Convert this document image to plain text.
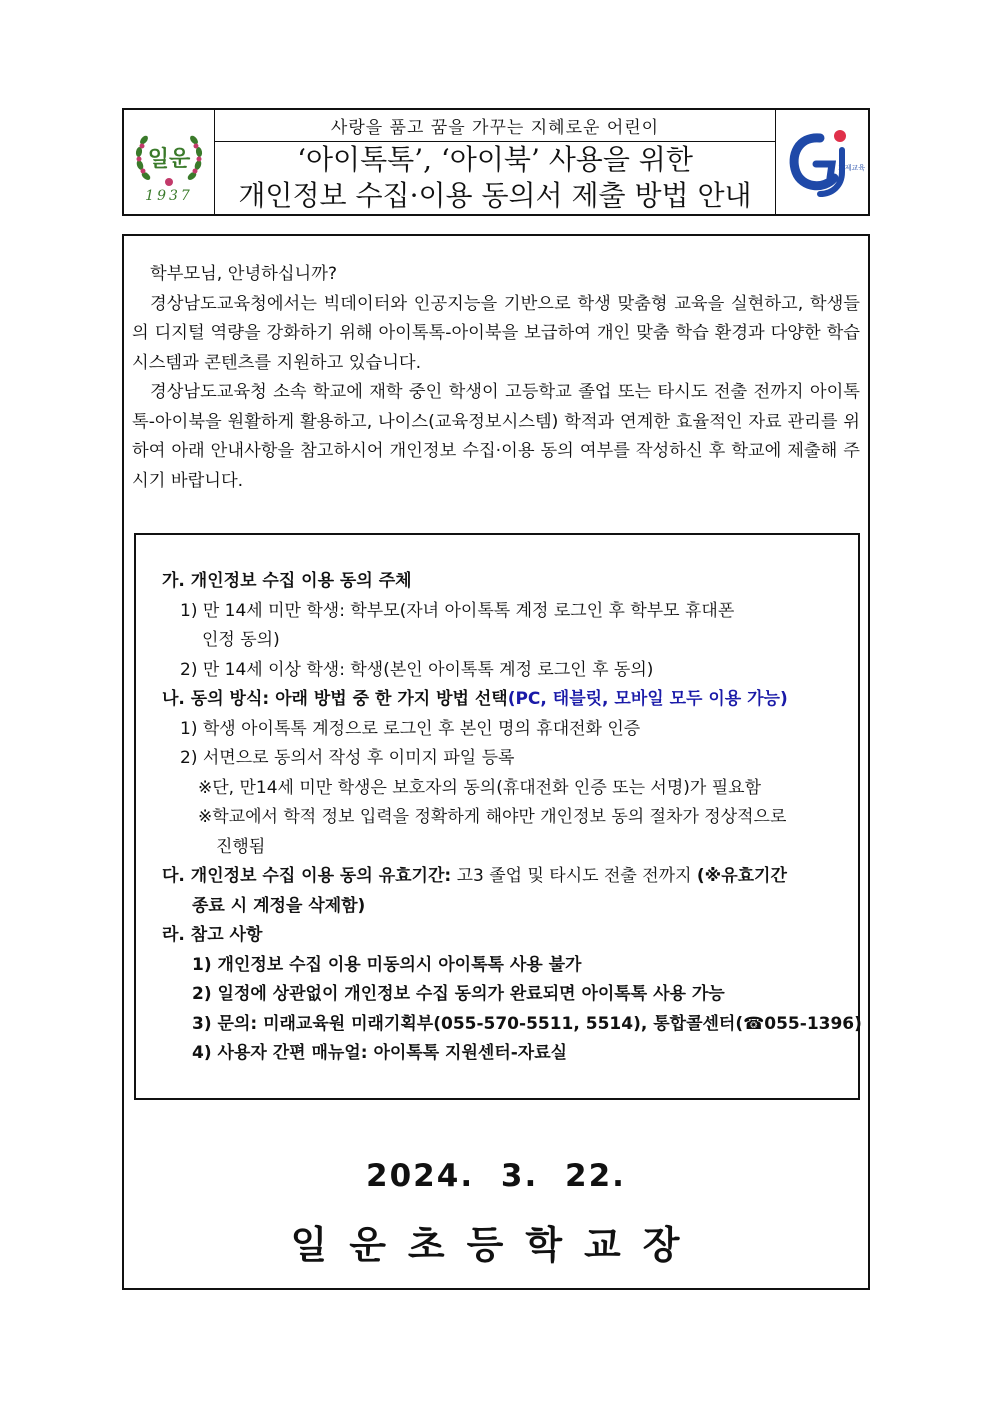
일운
1937
사랑을 품고 꿈을 가꾸는 지혜로운 어린이
‘아이톡톡’, ‘아이북’ 사용을 위한
개인정보 수집·이용 동의서 제출 방법 안내
거제교육

학부모님, 안녕하십니까?

경상남도교육청에서는 빅데이터와 인공지능을 기반으로 학생 맞춤형 교육을 실현하고, 학생들의 디지털 역량을 강화하기 위해 아이톡톡-아이북을 보급하여 개인 맞춤 학습 환경과 다양한 학습 시스템과 콘텐츠를 지원하고 있습니다.

경상남도교육청 소속 학교에 재학 중인 학생이 고등학교 졸업 또는 타시도 전출 전까지 아이톡톡-아이북을 원활하게 활용하고, 나이스(교육정보시스템) 학적과 연계한 효율적인 자료 관리를 위하여 아래 안내사항을 참고하시어 개인정보 수집·이용 동의 여부를 작성하신 후 학교에 제출해 주시기 바랍니다.

가. 개인정보 수집 이용 동의 주체
1) 만 14세 미만 학생: 학부모(자녀 아이톡톡 계정 로그인 후 학부모 휴대폰
인정 동의)
2) 만 14세 이상 학생: 학생(본인 아이톡톡 계정 로그인 후 동의)
나. 동의 방식: 아래 방법 중 한 가지 방법 선택(PC, 태블릿, 모바일 모두 이용 가능)
1) 학생 아이톡톡 계정으로 로그인 후 본인 명의 휴대전화 인증
2) 서면으로 동의서 작성 후 이미지 파일 등록
※단, 만14세 미만 학생은 보호자의 동의(휴대전화 인증 또는 서명)가 필요함
※학교에서 학적 정보 입력을 정확하게 해야만 개인정보 동의 절차가 정상적으로
진행됨
다. 개인정보 수집 이용 동의 유효기간: 고3 졸업 및 타시도 전출 전까지 (※유효기간
종료 시 계정을 삭제함)
라. 참고 사항
1) 개인정보 수집 이용 미동의시 아이톡톡 사용 불가
2) 일정에 상관없이 개인정보 수집 동의가 완료되면 아이톡톡 사용 가능
3) 문의: 미래교육원 미래기획부(055-570-5511, 5514), 통합콜센터(☎055-1396)
4) 사용자 간편 매뉴얼: 아이톡톡 지원센터-자료실
2024. 3. 22.
일운초등학교장
